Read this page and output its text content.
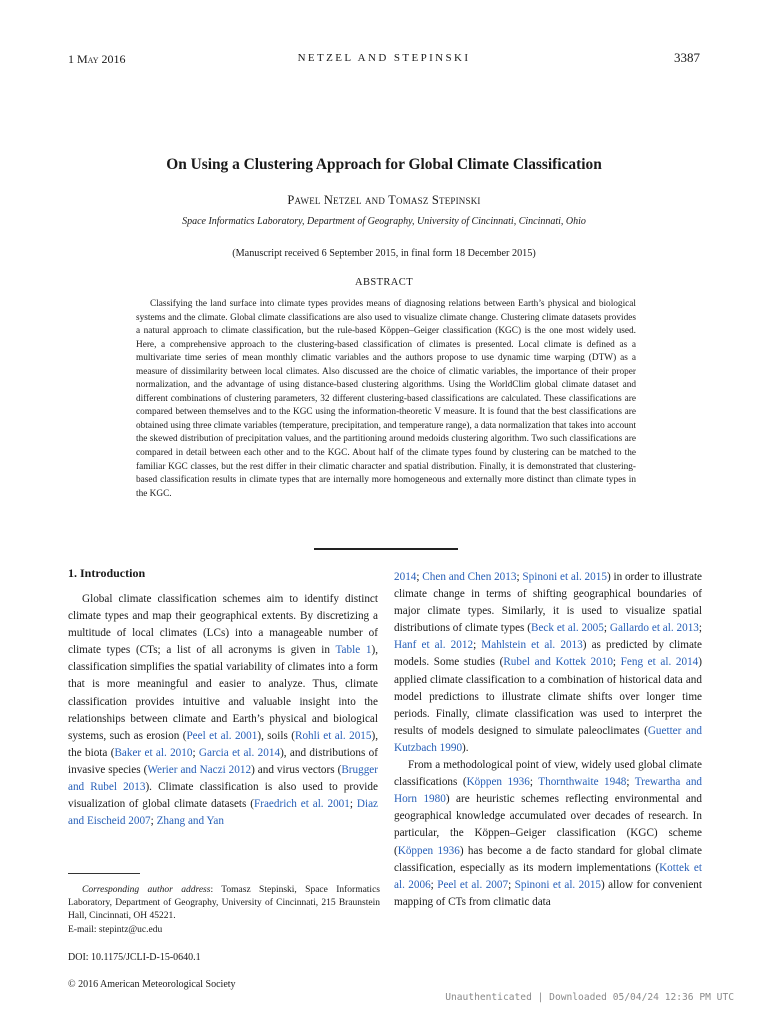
1 May 2016	NETZEL AND STEPINSKI	3387
On Using a Clustering Approach for Global Climate Classification
Pawel Netzel and Tomasz Stepinski
Space Informatics Laboratory, Department of Geography, University of Cincinnati, Cincinnati, Ohio
(Manuscript received 6 September 2015, in final form 18 December 2015)
ABSTRACT
Classifying the land surface into climate types provides means of diagnosing relations between Earth’s physical and biological systems and the climate. Global climate classifications are also used to visualize climate change. Clustering climate datasets provides a natural approach to climate classification, but the rule-based Köppen–Geiger classification (KGC) is the one most widely used. Here, a comprehensive approach to the clustering-based classification of climates is presented. Local climate is defined as a multivariate time series of mean monthly climatic variables and the authors propose to use dynamic time warping (DTW) as a measure of dissimilarity between local climates. Also discussed are the choice of climatic variables, the importance of their proper normalization, and the advantage of using distance-based clustering algorithms. Using the WorldClim global climate dataset and different combinations of clustering parameters, 32 different clustering-based classifications are calculated. These classifications are compared between themselves and to the KGC using the information-theoretic V measure. It is found that the best classifications are obtained using three climate variables (temperature, precipitation, and temperature range), a data normalization that takes into account the skewed distribution of precipitation values, and the partitioning around medoids clustering algorithm. Two such classifications are compared in detail between each other and to the KGC. About half of the climate types found by clustering can be matched to the familiar KGC classes, but the rest differ in their climatic character and spatial distribution. Finally, it is demonstrated that clustering-based classification results in climate types that are internally more homogeneous and externally more distinct than climate types in the KGC.
1. Introduction

Global climate classification schemes aim to identify distinct climate types and map their geographical extents. By discretizing a multitude of local climates (LCs) into a manageable number of climate types (CTs; a list of all acronyms is given in Table 1), classification simplifies the spatial variability of climates into a form that is more meaningful and easier to analyze. Thus, climate classification provides intuitive and valuable insight into the relationships between climate and Earth’s physical and biological systems, such as erosion (Peel et al. 2001), soils (Rohli et al. 2015), the biota (Baker et al. 2010; Garcia et al. 2014), and distributions of invasive species (Werier and Naczi 2012) and virus vectors (Brugger and Rubel 2013). Climate classification is also used to provide visualization of global climate datasets (Fraedrich et al. 2001; Diaz and Eischeid 2007; Zhang and Yan

2014; Chen and Chen 2013; Spinoni et al. 2015) in order to illustrate climate change in terms of shifting geographical boundaries of major climate types. Similarly, it is used to visualize spatial distributions of climate types (Beck et al. 2005; Gallardo et al. 2013; Hanf et al. 2012; Mahlstein et al. 2013) as predicted by climate models. Some studies (Rubel and Kottek 2010; Feng et al. 2014) applied climate classification to a combination of historical data and model predictions to illustrate climate shifts over longer time periods. Finally, climate classification was used to interpret the results of models designed to simulate paleoclimates (Guetter and Kutzbach 1990).

From a methodological point of view, widely used global climate classifications (Köppen 1936; Thornthwaite 1948; Trewartha and Horn 1980) are heuristic schemes reflecting environmental and geographical knowledge accumulated over decades of research. In particular, the Köppen–Geiger classification (KGC) scheme (Köppen 1936) has become a de facto standard for global climate classification, especially as its modern implementations (Kottek et al. 2006; Peel et al. 2007; Spinoni et al. 2015) allow for convenient mapping of CTs from climatic data

Corresponding author address: Tomasz Stepinski, Space Informatics Laboratory, Department of Geography, University of Cincinnati, 215 Braunstein Hall, Cincinnati, OH 45221.
E-mail: stepintz@uc.edu
DOI: 10.1175/JCLI-D-15-0640.1
© 2016 American Meteorological Society
Unauthenticated | Downloaded 05/04/24 12:36 PM UTC
